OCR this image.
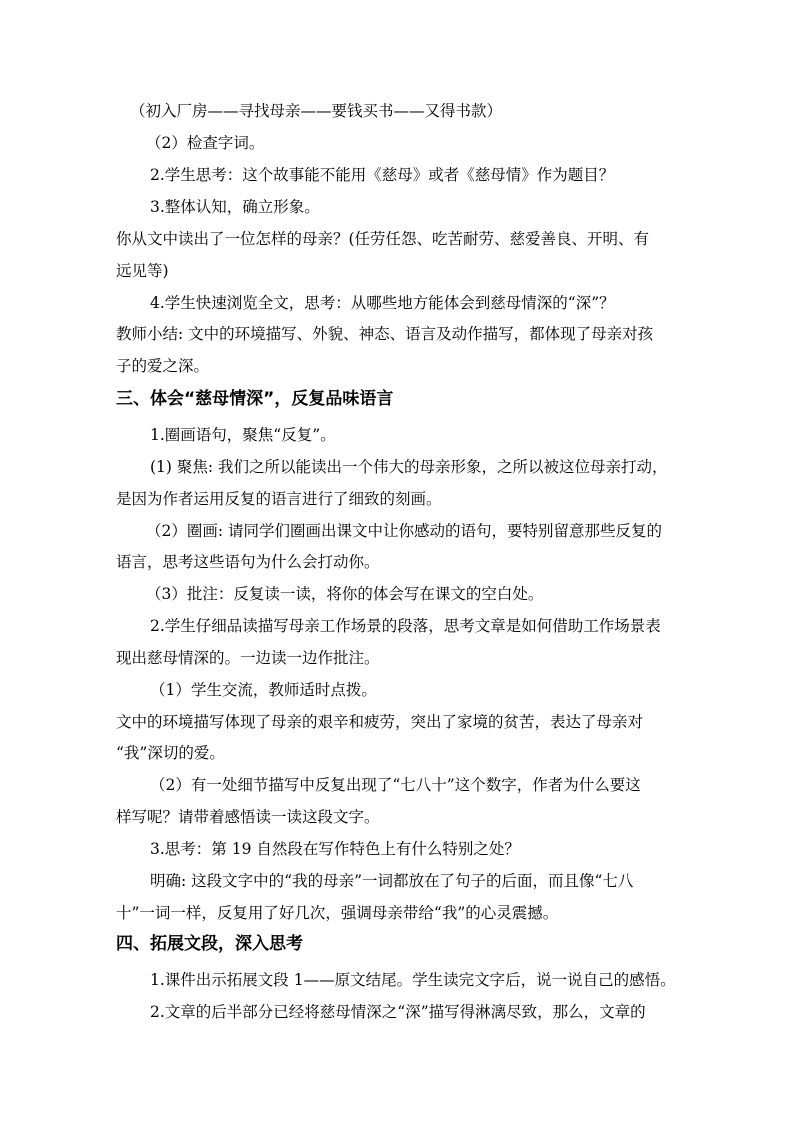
（初入厂房——寻找母亲——要钱买书——又得书款）
（2）检查字词。
2.学生思考：这个故事能不能用《慈母》或者《慈母情》作为题目？
3.整体认知，确立形象。
你从文中读出了一位怎样的母亲？(任劳任怨、吃苦耐劳、慈爱善良、开明、有
远见等)
4.学生快速浏览全文，思考：从哪些地方能体会到慈母情深的“深”？
教师小结: 文中的环境描写、外貌、神态、语言及动作描写，都体现了母亲对孩
子的爱之深。
三、体会“慈母情深”，反复品味语言
1.圈画语句，聚焦“反复”。
(1) 聚焦: 我们之所以能读出一个伟大的母亲形象，之所以被这位母亲打动，
是因为作者运用反复的语言进行了细致的刻画。
（2）圈画: 请同学们圈画出课文中让你感动的语句，要特别留意那些反复的
语言，思考这些语句为什么会打动你。
（3）批注：反复读一读，将你的体会写在课文的空白处。
2.学生仔细品读描写母亲工作场景的段落，思考文章是如何借助工作场景表
现出慈母情深的。一边读一边作批注。
（1）学生交流，教师适时点拨。
文中的环境描写体现了母亲的艰辛和疲劳，突出了家境的贫苦，表达了母亲对
“我”深切的爱。
（2）有一处细节描写中反复出现了“七八十”这个数字，作者为什么要这
样写呢？请带着感悟读一读这段文字。
3.思考：第 19 自然段在写作特色上有什么特别之处？
明确: 这段文字中的“我的母亲”一词都放在了句子的后面，而且像“七八
十”一词一样，反复用了好几次，强调母亲带给“我”的心灵震撼。
四、拓展文段，深入思考
1.课件出示拓展文段 1——原文结尾。学生读完文字后，说一说自己的感悟。
2.文章的后半部分已经将慈母情深之“深”描写得淋漓尽致，那么，文章的
